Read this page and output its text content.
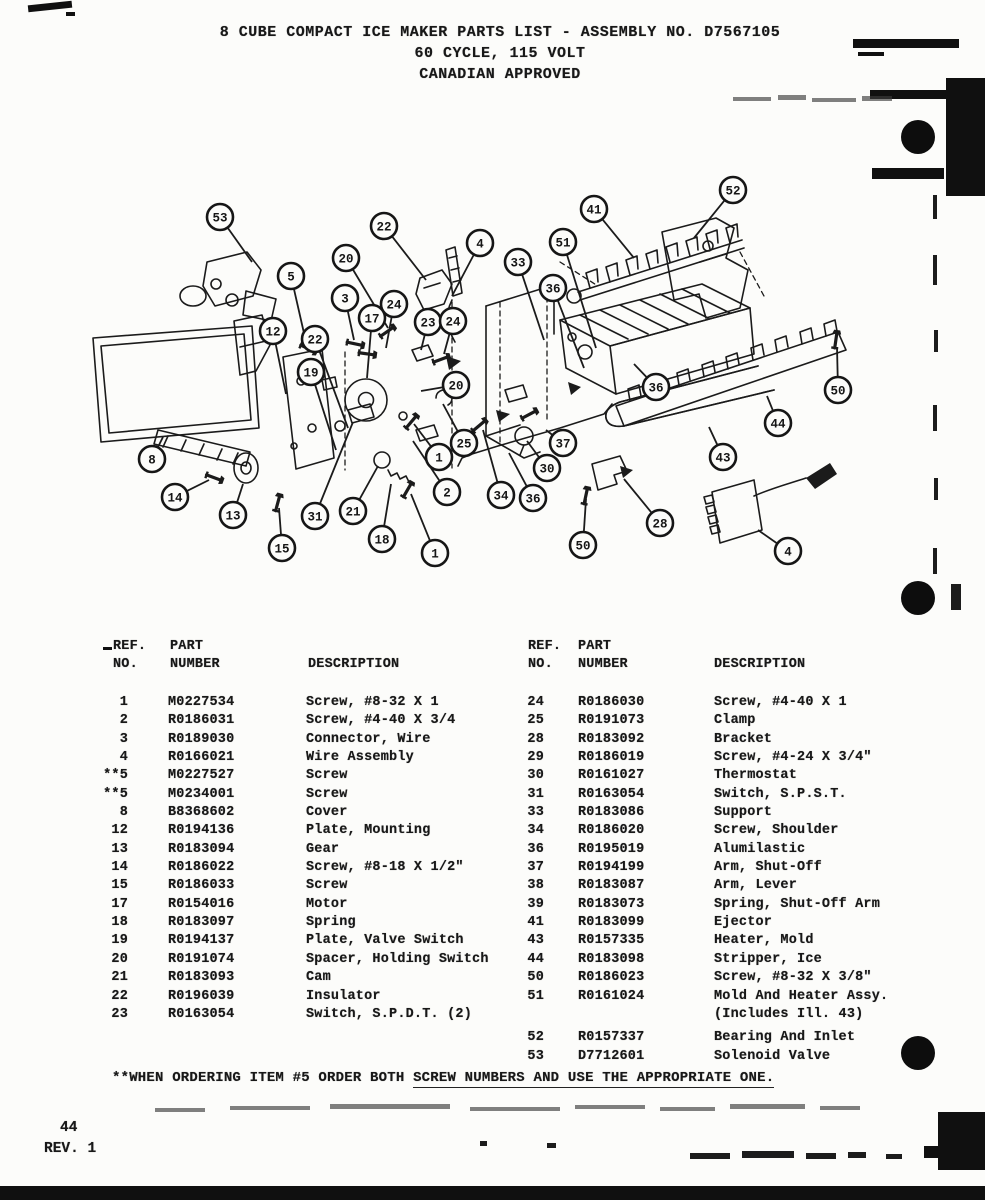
8 CUBE COMPACT ICE MAKER PARTS LIST - ASSEMBLY NO. D7567105
60 CYCLE, 115 VOLT
CANADIAN APPROVED
53
20
22
4
33
41
52
51
36
5
3	24
17	23 24
12
22
19
20
8
14
13
15
31 21
18
1
2
1
25
34
30
36
37
36
43
44
50
28
50	4
REF. PART
NO. NUMBER	DESCRIPTION
1	M0227534	Screw, #8-32 X 1
2	R0186031	Screw, #4-40 X 3/4
3	R0189030	Connector, Wire
4	R0166021	Wire Assembly
**5	M0227527	Screw
**5	M0234001	Screw
8	B8368602	Cover
12	R0194136	Plate, Mounting
13	R0183094	Gear
14	R0186022	Screw, #8-18 X 1/2"
15	R0186033	Screw
17	R0154016	Motor
18	R0183097	Spring
19	R0194137	Plate, Valve Switch
20	R0191074	Spacer, Holding Switch
21	R0183093	Cam
22	R0196039	Insulator
23	R0163054	Switch, S.P.D.T. (2)
REF. PART
NO. NUMBER	DESCRIPTION
24	R0186030	Screw, #4-40 X 1
25	R0191073	Clamp
28	R0183092	Bracket
29	R0186019	Screw, #4-24 X 3/4"
30	R0161027	Thermostat
31	R0163054	Switch, S.P.S.T.
33	R0183086	Support
34	R0186020	Screw, Shoulder
36	R0195019	Alumilastic
37	R0194199	Arm, Shut-Off
38	R0183087	Arm, Lever
39	R0183073	Spring, Shut-Off Arm
41	R0183099	Ejector
43	R0157335	Heater, Mold
44	R0183098	Stripper, Ice
50	R0186023	Screw, #8-32 X 3/8"
51	R0161024	Mold And Heater Assy.
(Includes Ill. 43)
52	R0157337	Bearing And Inlet
53	D7712601	Solenoid Valve
**WHEN ORDERING ITEM #5 ORDER BOTH SCREW NUMBERS AND USE THE APPROPRIATE ONE.
44
REV. 1
